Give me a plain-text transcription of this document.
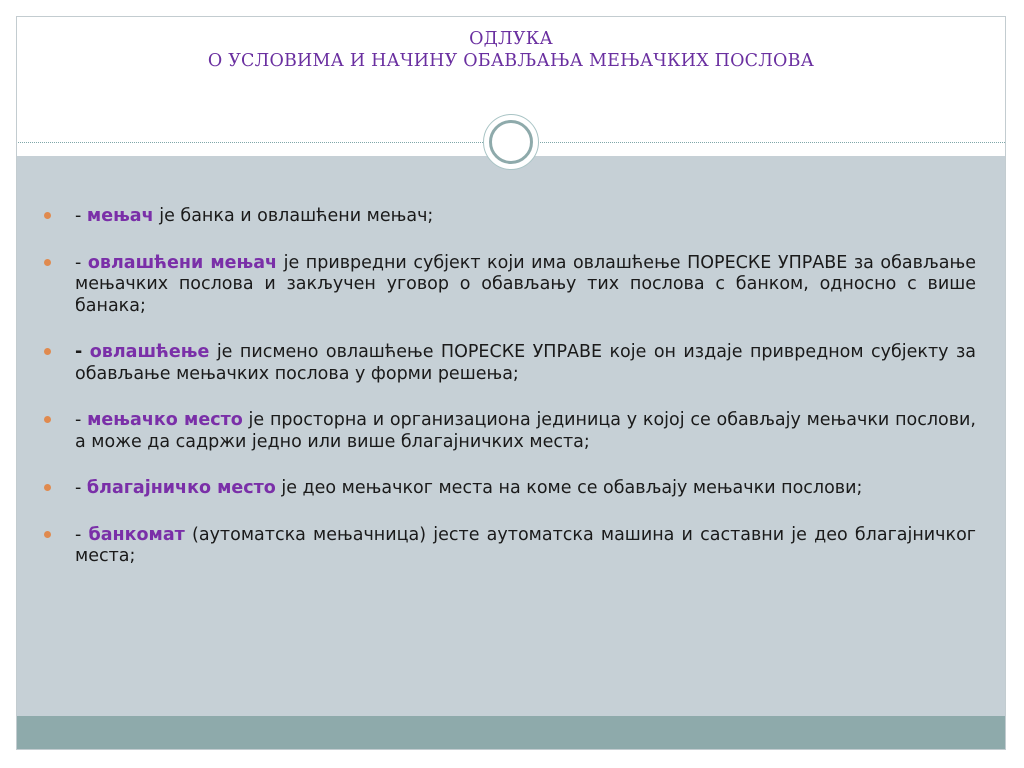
ОДЛУКА
О УСЛОВИМА И НАЧИНУ ОБАВЉАЊА МЕЊАЧКИХ ПОСЛОВА
- мењач је банка и овлашћени мењач;
- овлашћени мењач је привредни субјект који има овлашћење ПОРЕСКЕ УПРАВЕ за обављање мењачких послова и закључен уговор о обављању тих послова с банком, односно с више банака;
- овлашћење је писмено овлашћење ПОРЕСКЕ УПРАВЕ које он издаје привредном субјекту за обављање мењачких послова у форми решења;
- мењачко место је просторна и организациона јединица у којој се обављају мењачки послови, а може да садржи једно или више благајничких места;
- благајничко место је део мењачког места на коме се обављају мењачки послови;
- банкомат (аутоматска мењачница) јесте аутоматска машина и саставни је део благајничког места;
